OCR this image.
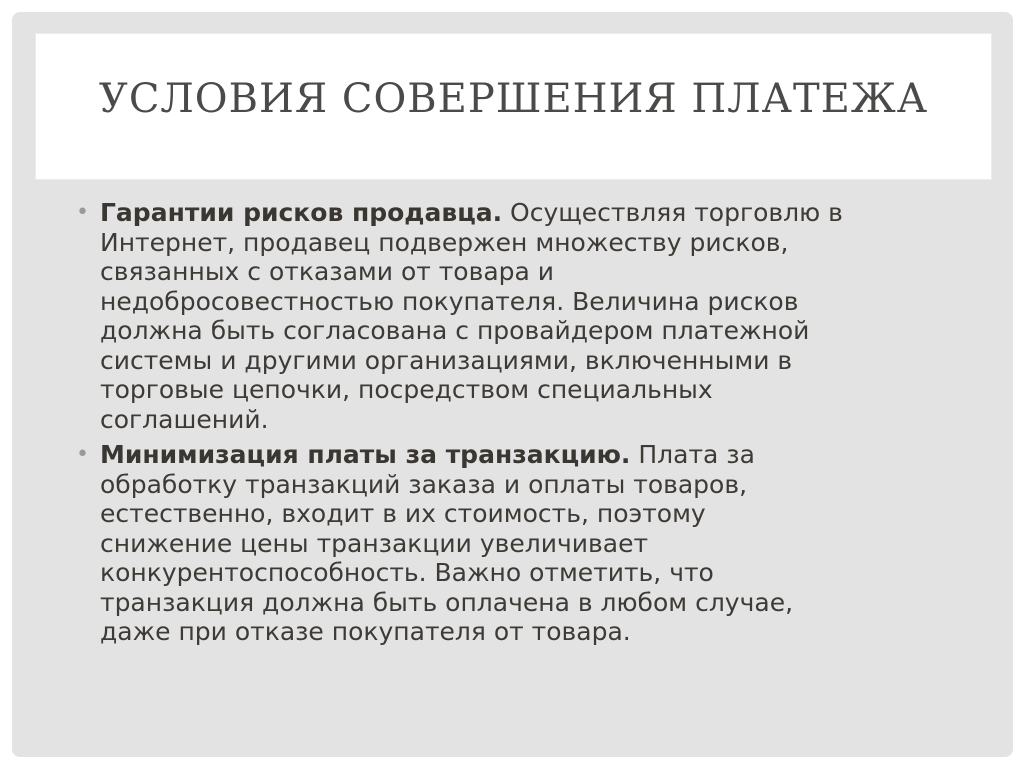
УСЛОВИЯ СОВЕРШЕНИЯ ПЛАТЕЖА
• Гарантии рисков продавца. Осуществляя торговлю в
Интернет, продавец подвержен множеству рисков,
связанных с отказами от товара и
недобросовестностью покупателя. Величина рисков
должна быть согласована с провайдером платежной
системы и другими организациями, включенными в
торговые цепочки, посредством специальных
соглашений.
• Минимизация платы за транзакцию. Плата за
обработку транзакций заказа и оплаты товаров,
естественно, входит в их стоимость, поэтому
снижение цены транзакции увеличивает
конкурентоспособность. Важно отметить, что
транзакция должна быть оплачена в любом случае,
даже при отказе покупателя от товара.
